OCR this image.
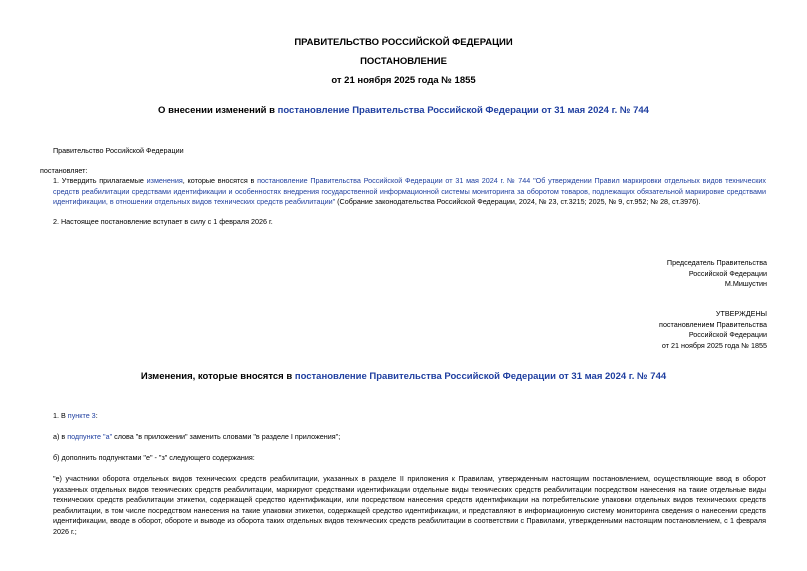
ПРАВИТЕЛЬСТВО РОССИЙСКОЙ ФЕДЕРАЦИИ
ПОСТАНОВЛЕНИЕ
от 21 ноября 2025 года № 1855
О внесении изменений в постановление Правительства Российской Федерации от 31 мая 2024 г. № 744
Правительство Российской Федерации
постановляет:

1. Утвердить прилагаемые изменения, которые вносятся в постановление Правительства Российской Федерации от 31 мая 2024 г. № 744 "Об утверждении Правил маркировки отдельных видов технических средств реабилитации средствами идентификации и особенностях внедрения государственной информационной системы мониторинга за оборотом товаров, подлежащих обязательной маркировке средствами идентификации, в отношении отдельных видов технических средств реабилитации" (Собрание законодательства Российской Федерации, 2024, № 23, ст.3215; 2025, № 9, ст.952; № 28, ст.3976).

2. Настоящее постановление вступает в силу с 1 февраля 2026 г.

Председатель Правительства

Российской Федерации

М.Мишустин

УТВЕРЖДЕНЫ

постановлением Правительства

Российской Федерации

от 21 ноября 2025 года № 1855

Изменения, которые вносятся в постановление Правительства Российской Федерации от 31 мая 2024 г. № 744
1. В пункте 3:
а) в подпункте "а" слова "в приложении" заменить словами "в разделе I приложения";
б) дополнить подпунктами "е" - "з" следующего содержания:

"е) участники оборота отдельных видов технических средств реабилитации, указанных в разделе II приложения к Правилам, утвержденным настоящим постановлением, осуществляющие ввод в оборот указанных отдельных видов технических средств реабилитации, маркируют средствами идентификации отдельные виды технических средств реабилитации посредством нанесения на такие отдельные виды технических средств реабилитации этикетки, содержащей средство идентификации, или посредством нанесения средств идентификации на потребительские упаковки отдельных видов технических средств реабилитации, в том числе посредством нанесения на такие упаковки этикетки, содержащей средство идентификации, и представляют в информационную систему мониторинга сведения о нанесении средств идентификации, вводе в оборот, обороте и выводе из оборота таких отдельных видов технических средств реабилитации в соответствии с Правилами, утвержденными настоящим постановлением, с 1 февраля 2026 г.;
